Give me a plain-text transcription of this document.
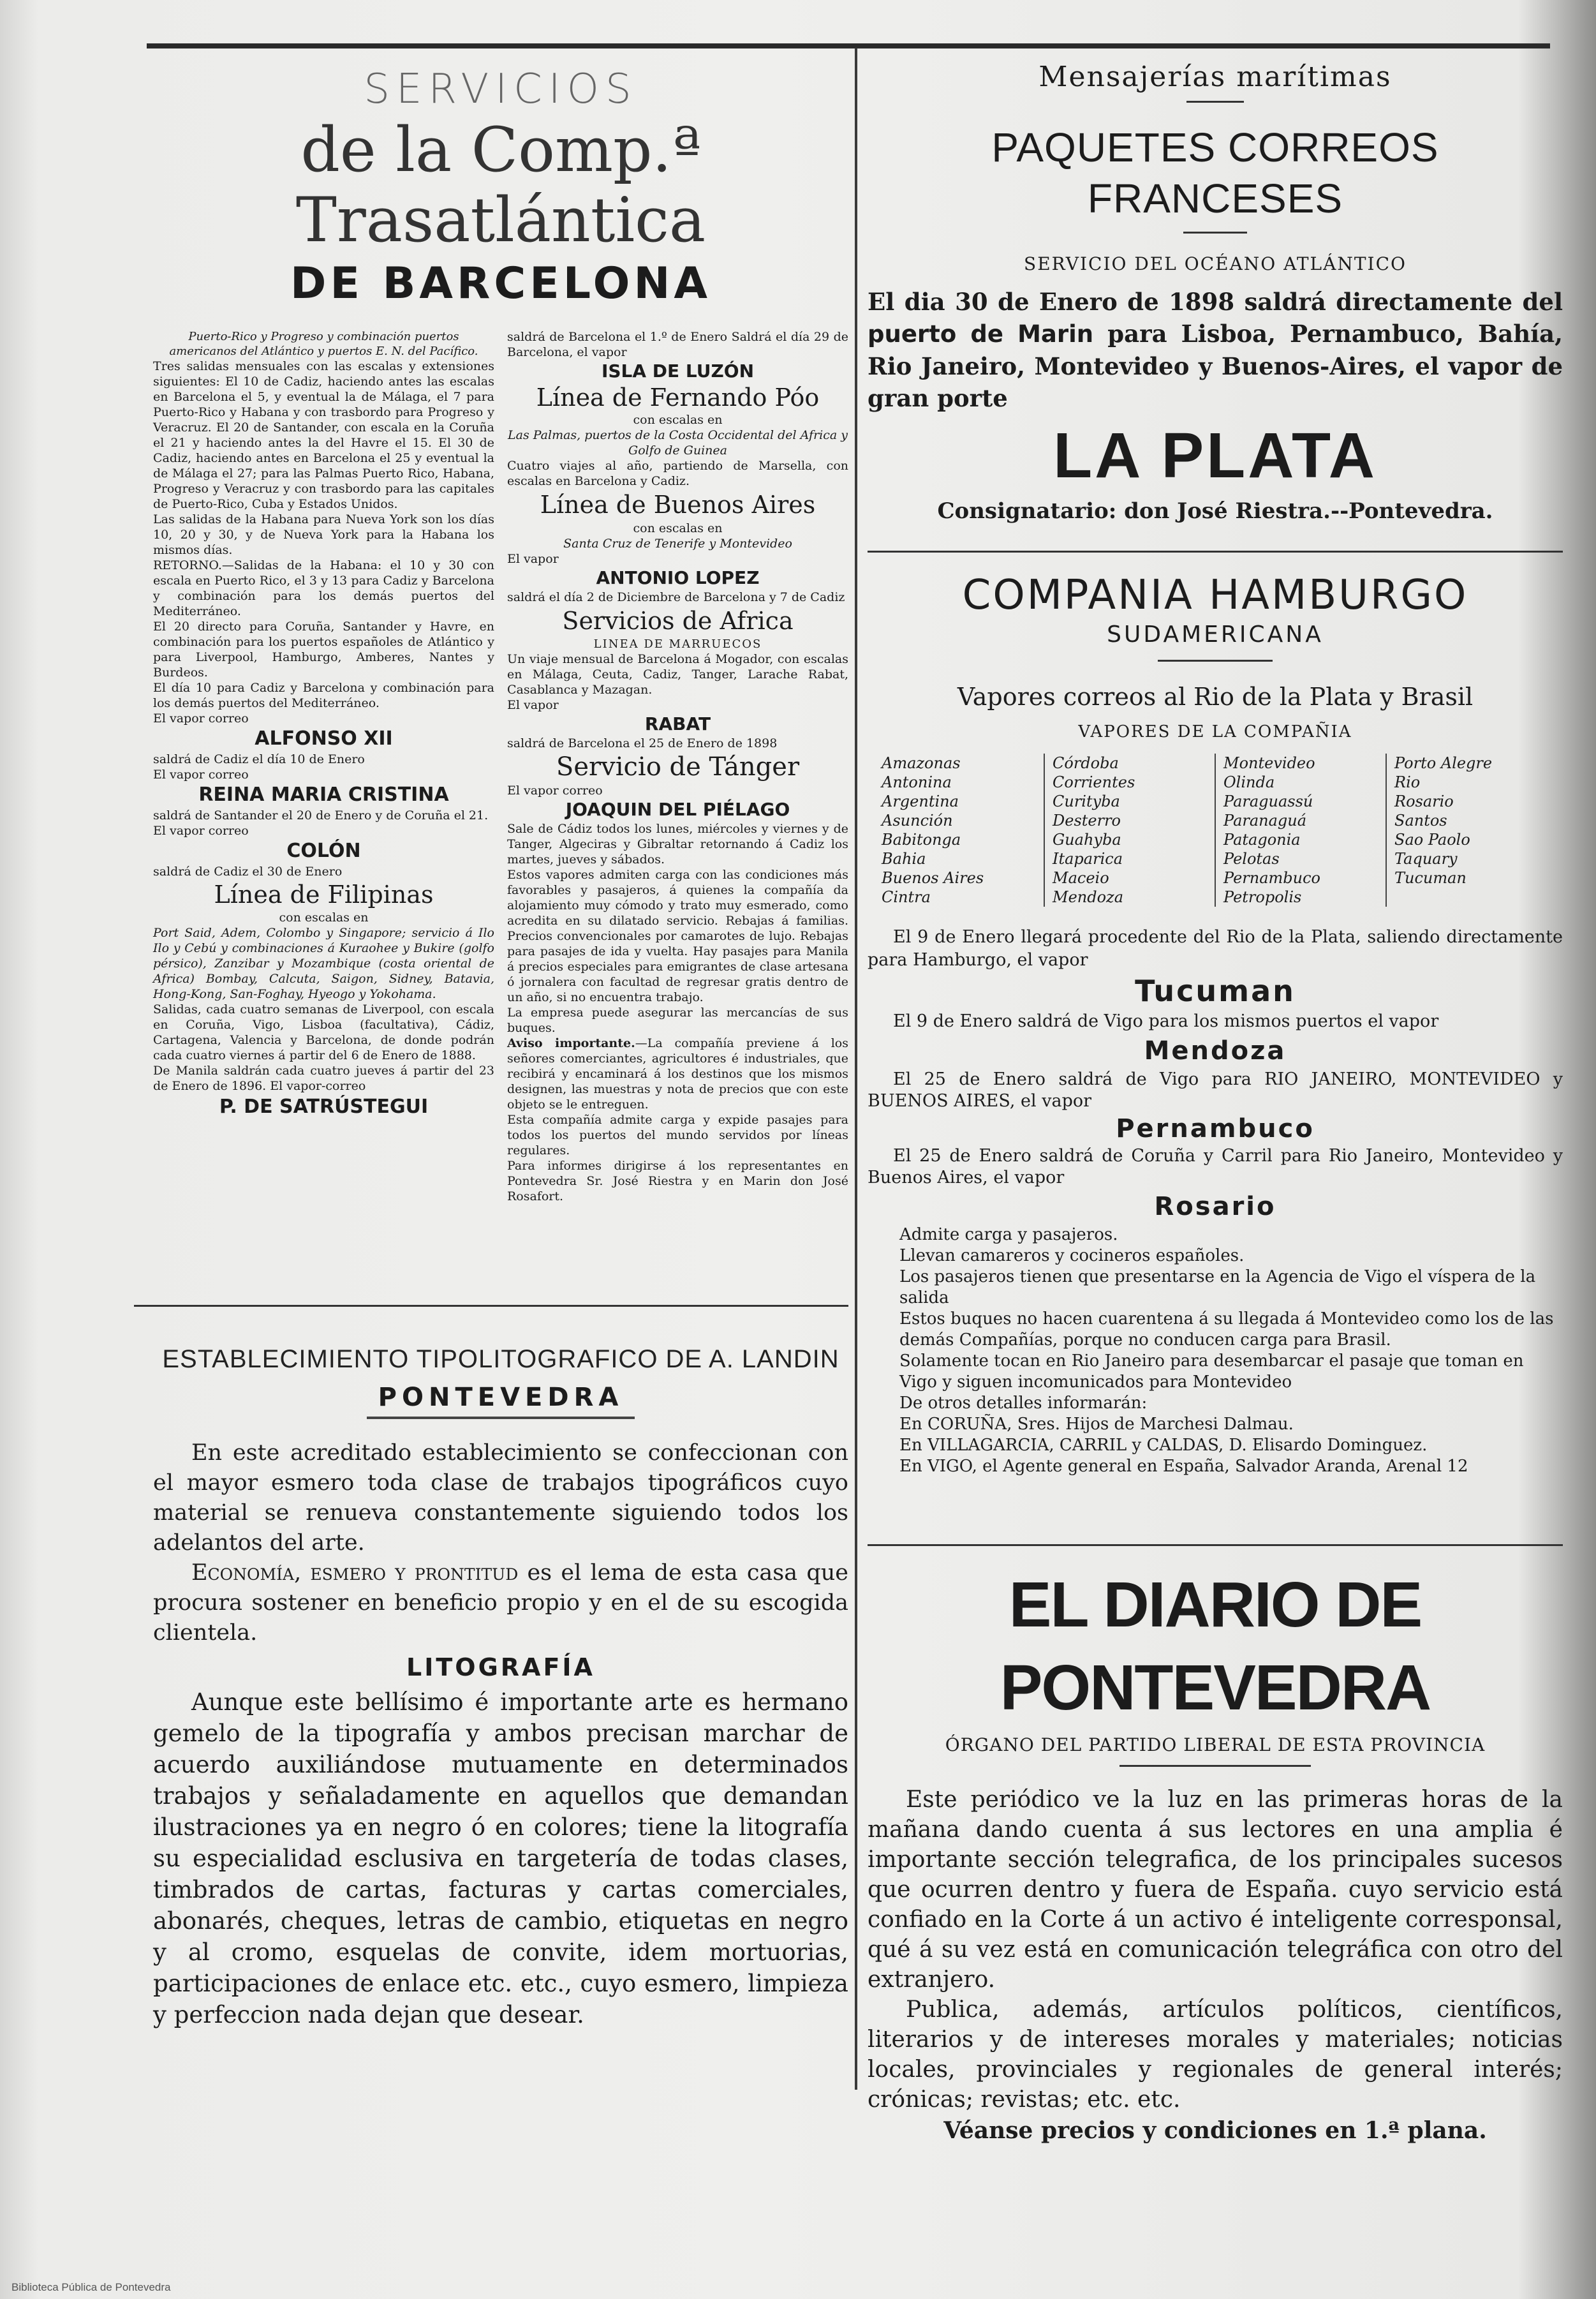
SERVICIOS
de la Comp.ª Trasatlántica
DE BARCELONA

Puerto-Rico y Progreso y combinación puertos americanos del Atlántico y puertos E. N. del Pacífico.

Tres salidas mensuales con las escalas y extensiones siguientes: El 10 de Cadiz, haciendo antes las escalas en Barcelona el 5, y eventual la de Málaga, el 7 para Puerto-Rico y Habana y con trasbordo para Progreso y Veracruz. El 20 de Santander, con escala en la Coruña el 21 y haciendo antes la del Havre el 15. El 30 de Cadiz, haciendo antes en Barcelona el 25 y eventual la de Málaga el 27; para las Palmas Puerto Rico, Habana, Progreso y Veracruz y con trasbordo para las capitales de Puerto-Rico, Cuba y Estados Unidos.

Las salidas de la Habana para Nueva York son los días 10, 20 y 30, y de Nueva York para la Habana los mismos días.

RETORNO.—Salidas de la Habana: el 10 y 30 con escala en Puerto Rico, el 3 y 13 para Cadiz y Barcelona y combinación para los demás puertos del Mediterráneo.

El 20 directo para Coruña, Santander y Havre, en combinación para los puertos españoles de Atlántico y para Liverpool, Hamburgo, Amberes, Nantes y Burdeos.

El día 10 para Cadiz y Barcelona y combinación para los demás puertos del Mediterráneo.

El vapor correo

ALFONSO XII

saldrá de Cadiz el día 10 de Enero

El vapor correo

REINA MARIA CRISTINA

saldrá de Santander el 20 de Enero y de Coruña el 21.

El vapor correo

COLÓN

saldrá de Cadiz el 30 de Enero

Línea de Filipinas

con escalas en

Port Said, Adem, Colombo y Singapore; servicio á Ilo Ilo y Cebú y combinaciones á Kuraohee y Bukire (golfo pérsico), Zanzibar y Mozambique (costa oriental de Africa) Bombay, Calcuta, Saigon, Sidney, Batavia, Hong-Kong, San-Foghay, Hyeogo y Yokohama.

Salidas, cada cuatro semanas de Liverpool, con escala en Coruña, Vigo, Lisboa (facultativa), Cádiz, Cartagena, Valencia y Barcelona, de donde podrán cada cuatro viernes á partir del 6 de Enero de 1888.

De Manila saldrán cada cuatro jueves á partir del 23 de Enero de 1896. El vapor-correo

P. DE SATRÚSTEGUI

saldrá de Barcelona el 1.º de Enero Saldrá el día 29 de Barcelona, el vapor

ISLA DE LUZÓN

Línea de Fernando Póo

con escalas en

Las Palmas, puertos de la Costa Occidental del Africa y Golfo de Guinea

Cuatro viajes al año, partiendo de Marsella, con escalas en Barcelona y Cadiz.

Línea de Buenos Aires

con escalas en

Santa Cruz de Tenerife y Montevideo

El vapor

ANTONIO LOPEZ

saldrá el día 2 de Diciembre de Barcelona y 7 de Cadiz

Servicios de Africa

LINEA DE MARRUECOS

Un viaje mensual de Barcelona á Mogador, con escalas en Málaga, Ceuta, Cadiz, Tanger, Larache Rabat, Casablanca y Mazagan.

El vapor

RABAT

saldrá de Barcelona el 25 de Enero de 1898

Servicio de Tánger

El vapor correo

JOAQUIN DEL PIÉLAGO

Sale de Cádiz todos los lunes, miércoles y viernes y de Tanger, Algeciras y Gibraltar retornando á Cadiz los martes, jueves y sábados.

Estos vapores admiten carga con las condiciones más favorables y pasajeros, á quienes la compañía da alojamiento muy cómodo y trato muy esmerado, como acredita en su dilatado servicio. Rebajas á familias. Precios convencionales por camarotes de lujo. Rebajas para pasajes de ida y vuelta. Hay pasajes para Manila á precios especiales para emigrantes de clase artesana ó jornalera con facultad de regresar gratis dentro de un año, si no encuentra trabajo.

La empresa puede asegurar las mercancías de sus buques.

Aviso importante.—La compañía previene á los señores comerciantes, agricultores é industriales, que recibirá y encaminará á los destinos que los mismos designen, las muestras y nota de precios que con este objeto se le entreguen.

Esta compañía admite carga y expide pasajes para todos los puertos del mundo servidos por líneas regulares.

Para informes dirigirse á los representantes en Pontevedra Sr. José Riestra y en Marin don José Rosafort.

ESTABLECIMIENTO TIPOLITOGRAFICO DE A. LANDIN
PONTEVEDRA

En este acreditado establecimiento se confeccionan con el mayor esmero toda clase de trabajos tipográficos cuyo material se renueva constantemente siguiendo todos los adelantos del arte.

Economía, esmero y prontitud es el lema de esta casa que procura sostener en beneficio propio y en el de su escogida clientela.

LITOGRAFÍA

Aunque este bellísimo é importante arte es hermano gemelo de la tipografía y ambos precisan marchar de acuerdo auxiliándose mutuamente en determinados trabajos y señaladamente en aquellos que demandan ilustraciones ya en negro ó en colores; tiene la litografía su especialidad esclusiva en targetería de todas clases, timbrados de cartas, facturas y cartas comerciales, abonarés, cheques, letras de cambio, etiquetas en negro y al cromo, esquelas de convite, idem mortuorias, participaciones de enlace etc. etc., cuyo esmero, limpieza y perfeccion nada dejan que desear.

Mensajerías marítimas
PAQUETES CORREOS FRANCESES
SERVICIO DEL OCÉANO ATLÁNTICO

El dia 30 de Enero de 1898 saldrá directamente del puerto de Marin para Lisboa, Pernambuco, Bahía, Rio Janeiro, Montevideo y Buenos-Aires, el vapor de gran porte

LA PLATA
Consignatario: don José Riestra.--Pontevedra.
COMPANIA HAMBURGO
SUDAMERICANA
Vapores correos al Rio de la Plata y Brasil
VAPORES DE LA COMPAÑIA
Amazonas
Antonina
Argentina
Asunción
Babitonga
Bahia
Buenos Aires
Cintra
Córdoba
Corrientes
Curityba
Desterro
Guahyba
Itaparica
Maceio
Mendoza
Montevideo
Olinda
Paraguassú
Paranaguá
Patagonia
Pelotas
Pernambuco
Petropolis
Porto Alegre
Rio
Rosario
Santos
Sao Paolo
Taquary
Tucuman

El 9 de Enero llegará procedente del Rio de la Plata, saliendo directamente para Hamburgo, el vapor

Tucuman

El 9 de Enero saldrá de Vigo para los mismos puertos el vapor

Mendoza

El 25 de Enero saldrá de Vigo para RIO JANEIRO, MONTEVIDEO y BUENOS AIRES, el vapor

Pernambuco

El 25 de Enero saldrá de Coruña y Carril para Rio Janeiro, Montevideo y Buenos Aires, el vapor

Rosario

Admite carga y pasajeros.

Llevan camareros y cocineros españoles.

Los pasajeros tienen que presentarse en la Agencia de Vigo el víspera de la salida

Estos buques no hacen cuarentena á su llegada á Montevideo como los de las demás Compañías, porque no conducen carga para Brasil.

Solamente tocan en Rio Janeiro para desembarcar el pasaje que toman en Vigo y siguen incomunicados para Montevideo

De otros detalles informarán:

En CORUÑA, Sres. Hijos de Marchesi Dalmau.

En VILLAGARCIA, CARRIL y CALDAS, D. Elisardo Dominguez.

En VIGO, el Agente general en España, Salvador Aranda, Arenal 12

EL DIARIO DE PONTEVEDRA
ÓRGANO DEL PARTIDO LIBERAL DE ESTA PROVINCIA

Este periódico ve la luz en las primeras horas de la mañana dando cuenta á sus lectores en una amplia é importante sección telegrafica, de los principales sucesos que ocurren dentro y fuera de España. cuyo servicio está confiado en la Corte á un activo é inteligente corresponsal, qué á su vez está en comunicación telegráfica con otro del extranjero.

Publica, además, artículos políticos, científicos, literarios y de intereses morales y materiales; noticias locales, provinciales y regionales de general interés; crónicas; revistas; etc. etc.

Véanse precios y condiciones en 1.ª plana.

Biblioteca Pública de Pontevedra
